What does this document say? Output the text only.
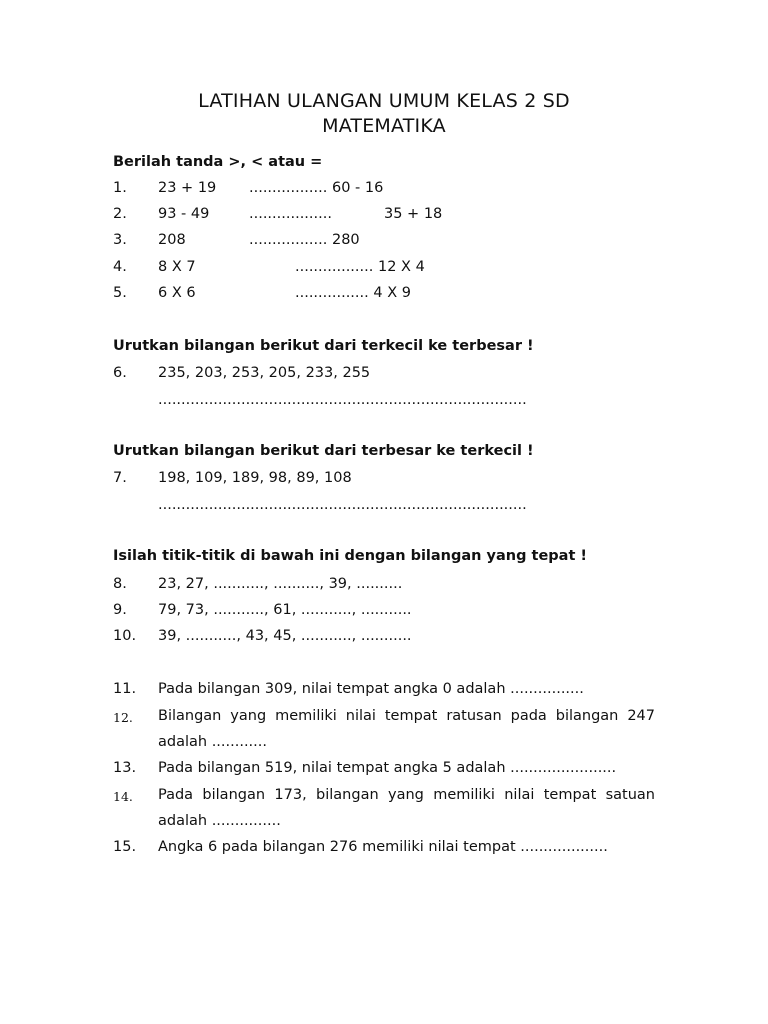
LATIHAN ULANGAN UMUM KELAS 2 SD
MATEMATIKA
Berilah tanda >, < atau =
1. 23 + 19 ................. 60 - 16
2. 93 - 49	..................	35 + 18
3. 208	................. 280
4. 8 X 7	................. 12 X 4
5. 6 X 6	................ 4 X 9
Urutkan bilangan berikut dari terkecil ke terbesar !
6. 235, 203, 253, 205, 233, 255
................................................................................
Urutkan bilangan berikut dari terbesar ke terkecil !
7. 198, 109, 189, 98, 89, 108
................................................................................
Isilah titik-titik di bawah ini dengan bilangan yang tepat !
8. 23, 27, ..........., .........., 39, ..........
9. 79, 73, ..........., 61, ..........., ...........
10. 39, ..........., 43, 45, ..........., ...........
11. Pada bilangan 309, nilai tempat angka 0 adalah ................
12. Bilangan yang memiliki nilai tempat ratusan pada bilangan 247
adalah ............
13. Pada bilangan 519, nilai tempat angka 5 adalah .......................
14. Pada bilangan 173, bilangan yang memiliki nilai tempat satuan
adalah ...............
15. Angka 6 pada bilangan 276 memiliki nilai tempat ...................
